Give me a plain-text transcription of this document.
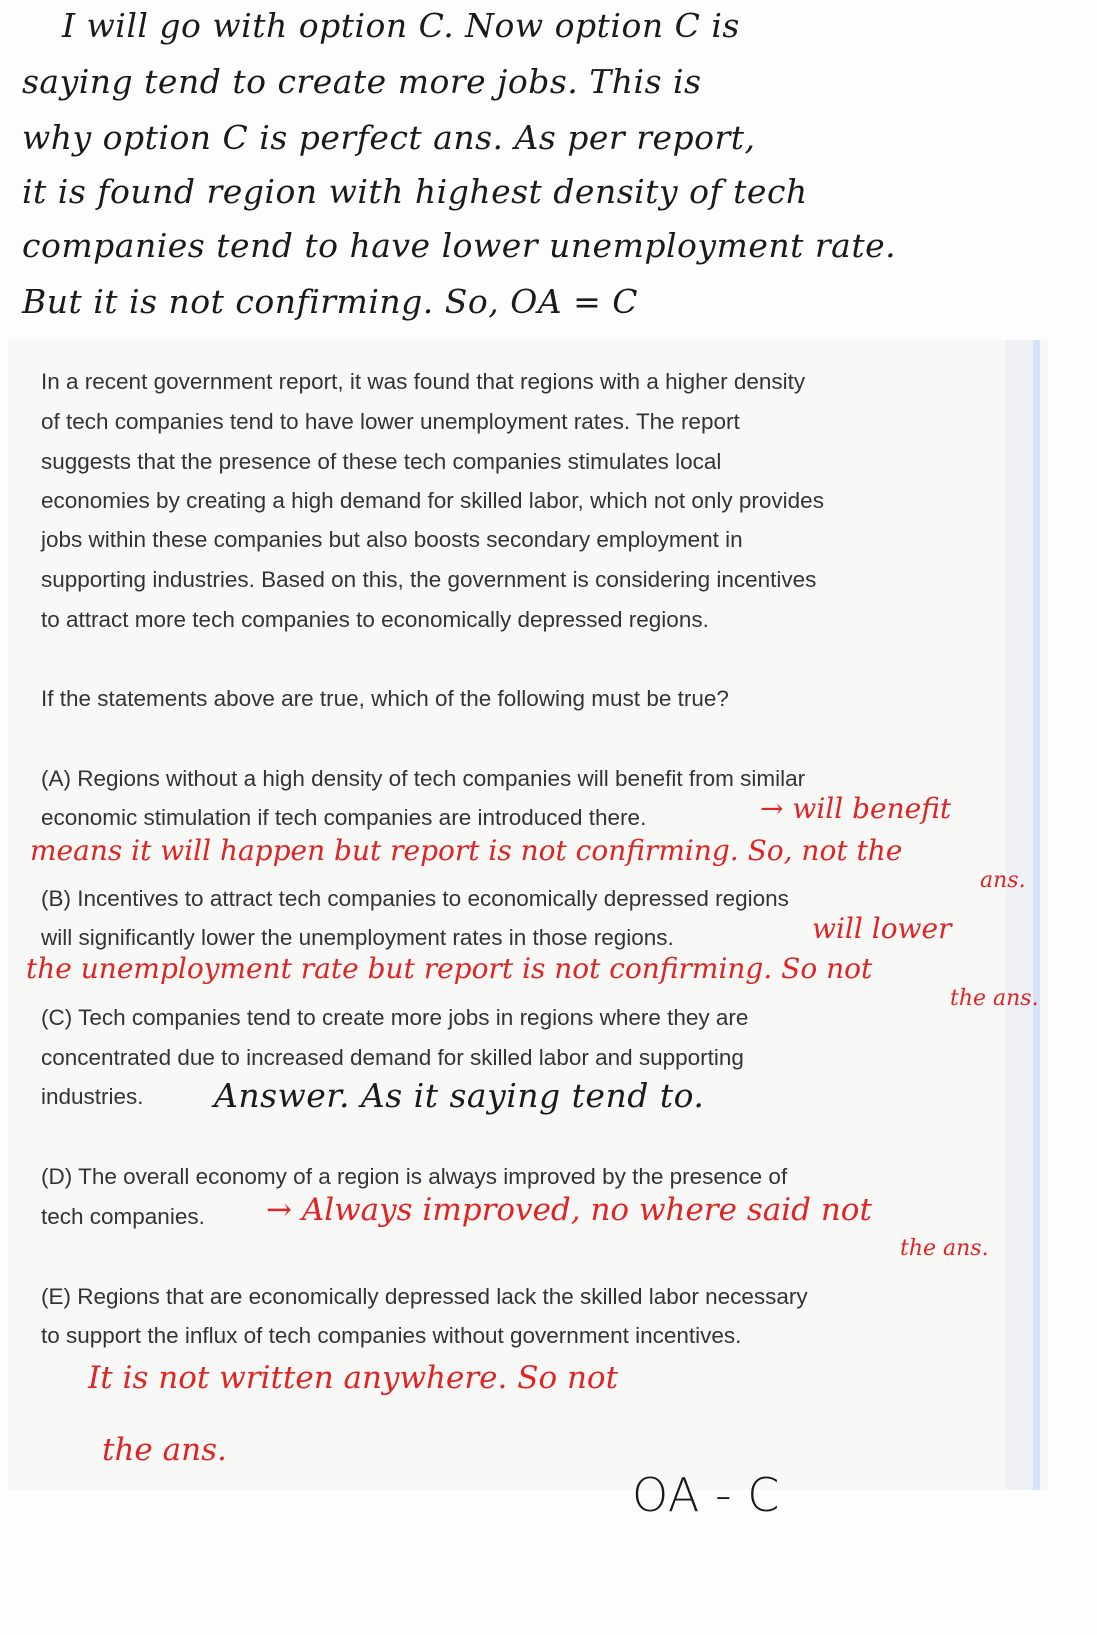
I will go with option C. Now option C is
saying tend to create more jobs. This is
why option C is perfect ans. As per report,
it is found region with highest density of tech
companies tend to have lower unemployment rate.
But it is not confirming. So, OA = C

In a recent government report, it was found that regions with a higher density

of tech companies tend to have lower unemployment rates. The report

suggests that the presence of these tech companies stimulates local

economies by creating a high demand for skilled labor, which not only provides

jobs within these companies but also boosts secondary employment in

supporting industries. Based on this, the government is considering incentives

to attract more tech companies to economically depressed regions.

If the statements above are true, which of the following must be true?

(A) Regions without a high density of tech companies will benefit from similar

economic stimulation if tech companies are introduced there.	→ will benefit
means it will happen but report is not confirming. So, not the
ans.

(B) Incentives to attract tech companies to economically depressed regions

will significantly lower the unemployment rates in those regions.	will lower
the unemployment rate but report is not confirming. So not
the ans.

(C) Tech companies tend to create more jobs in regions where they are

concentrated due to increased demand for skilled labor and supporting

industries. Answer. As it saying tend to.

(D) The overall economy of a region is always improved by the presence of

tech companies. → Always improved, no where said not
the ans.

(E) Regions that are economically depressed lack the skilled labor necessary

to support the influx of tech companies without government incentives.

It is not written anywhere. So not
the ans.
OA - C
